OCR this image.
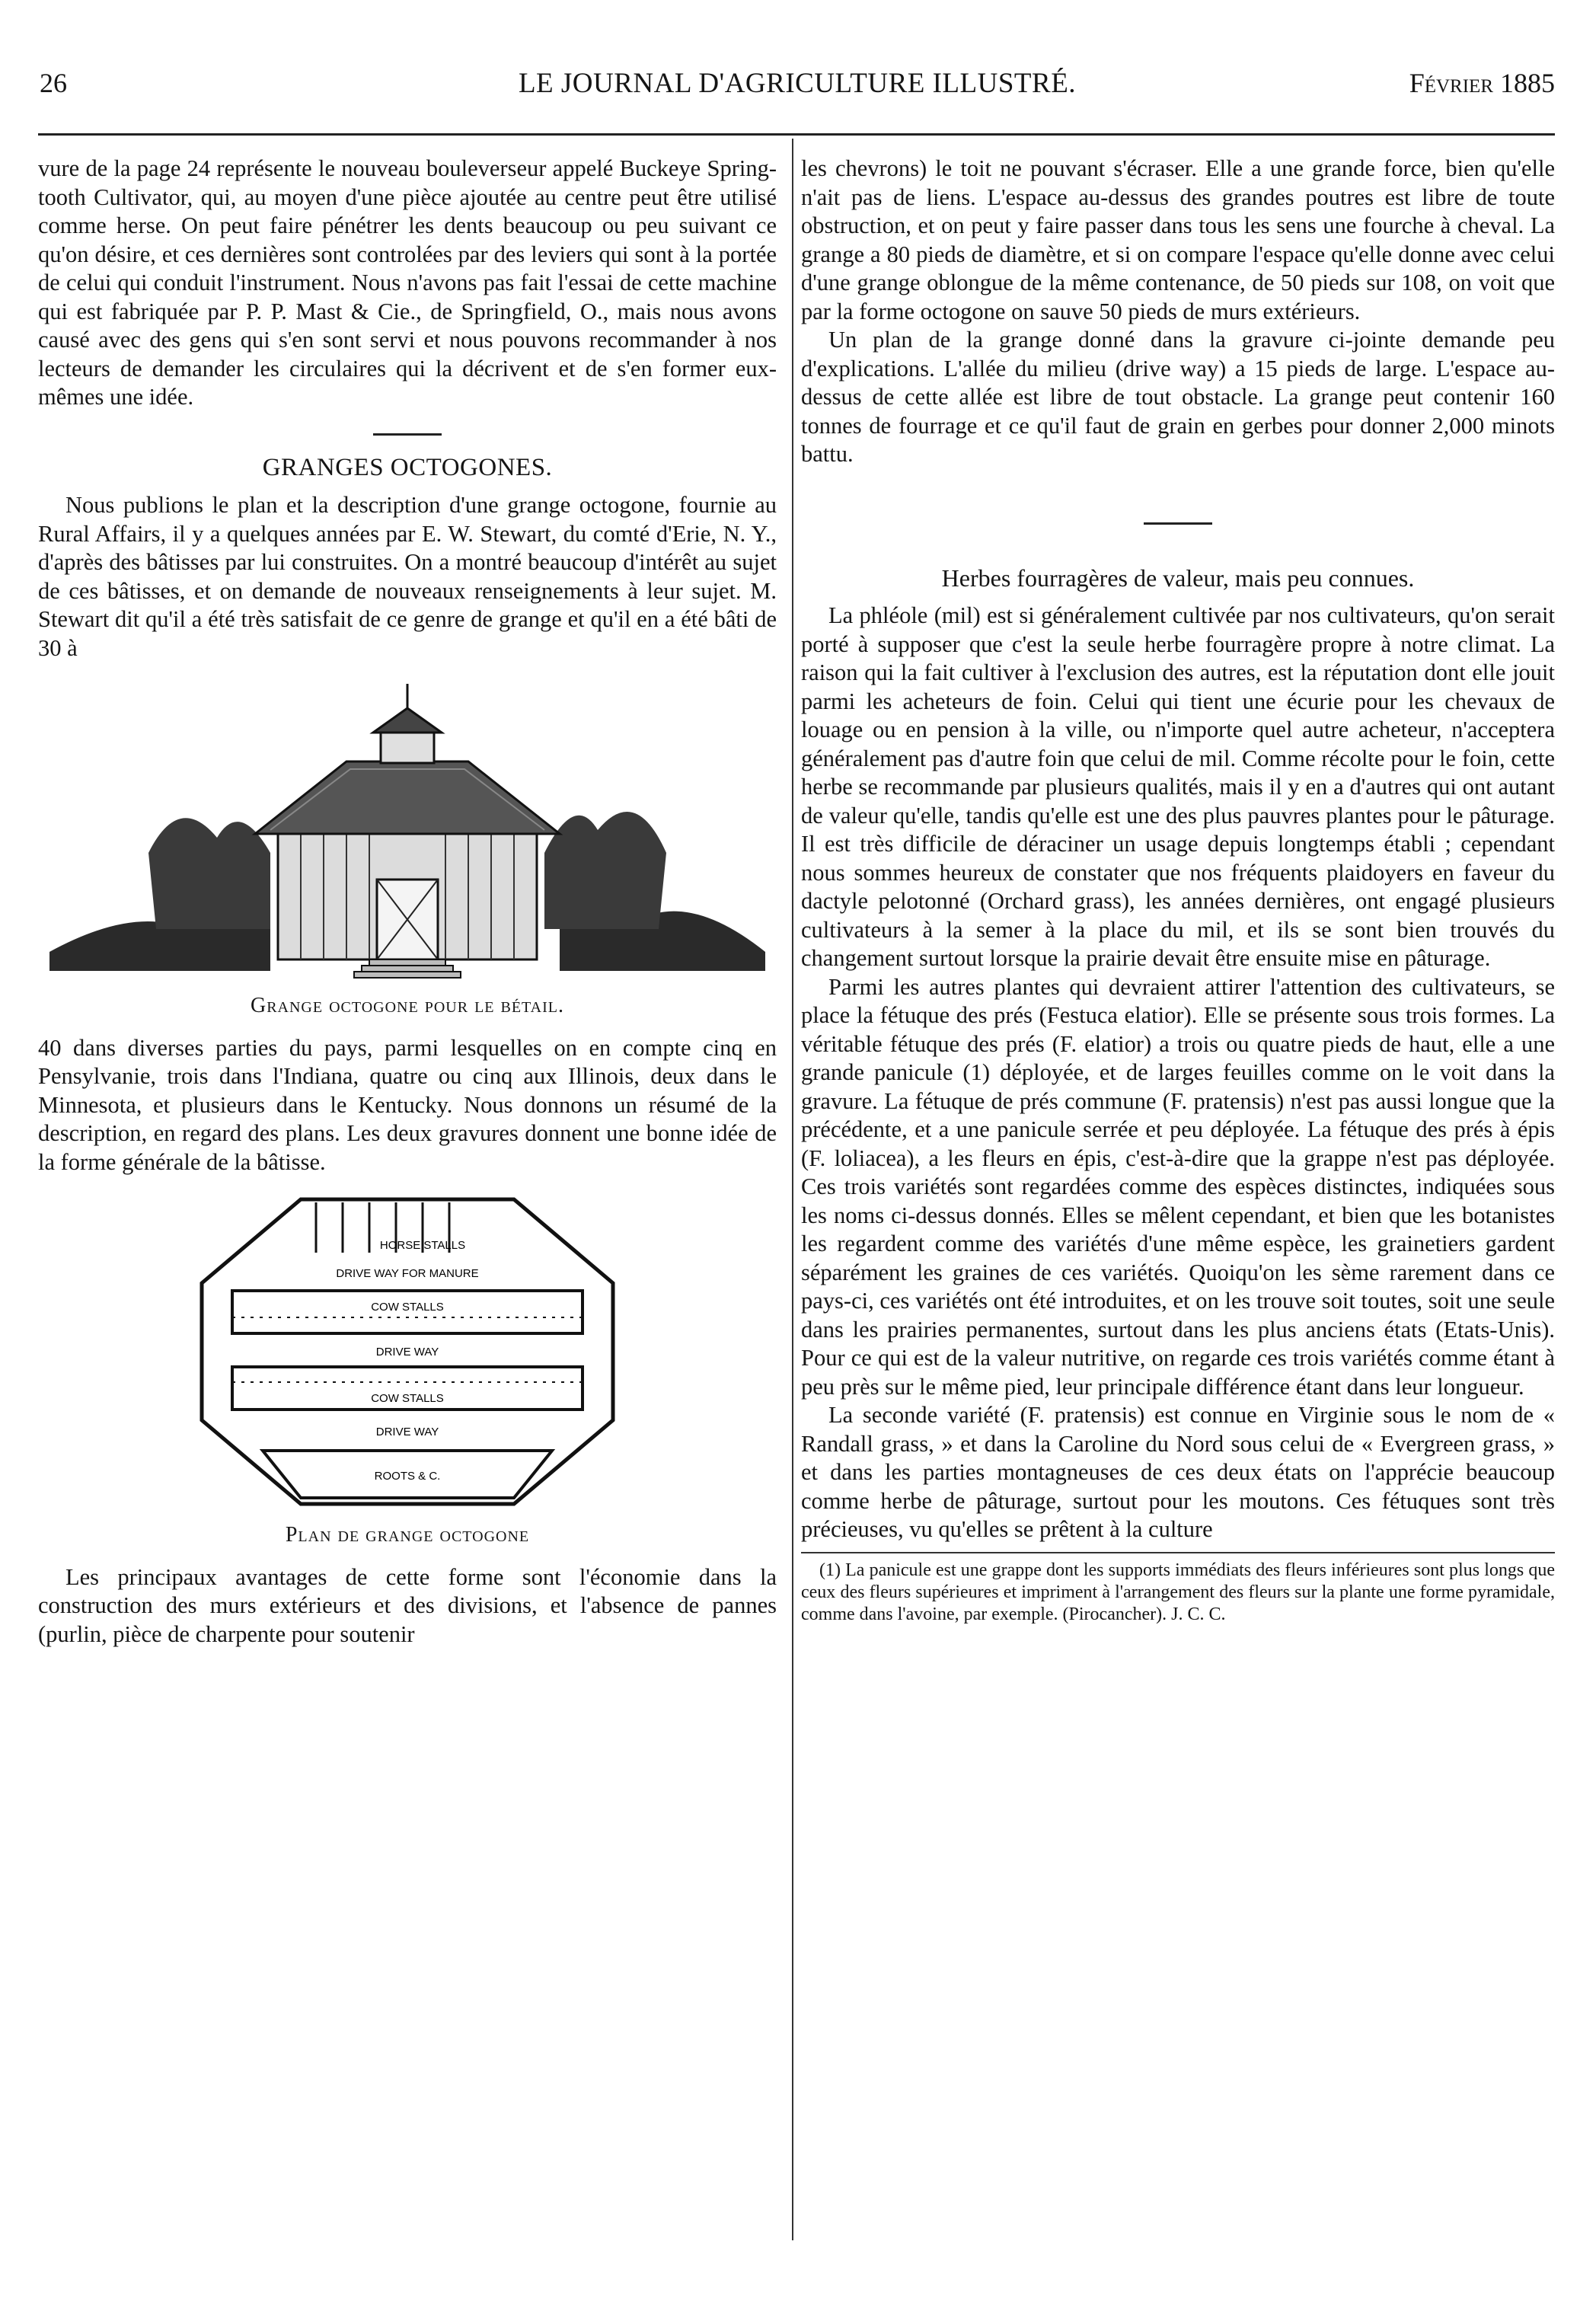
26	LE JOURNAL D'AGRICULTURE ILLUSTRÉ.	Février 1885

vure de la page 24 représente le nouveau bouleverseur appelé Buckeye Spring-tooth Cultivator, qui, au moyen d'une pièce ajoutée au centre peut être utilisé comme herse. On peut faire pénétrer les dents beaucoup ou peu suivant ce qu'on désire, et ces dernières sont controlées par des leviers qui sont à la portée de celui qui conduit l'instrument. Nous n'avons pas fait l'essai de cette machine qui est fabriquée par P. P. Mast & Cie., de Springfield, O., mais nous avons causé avec des gens qui s'en sont servi et nous pouvons recommander à nos lecteurs de demander les circulaires qui la décrivent et de s'en former eux-mêmes une idée.

GRANGES OCTOGONES.

Nous publions le plan et la description d'une grange octogone, fournie au Rural Affairs, il y a quelques années par E. W. Stewart, du comté d'Erie, N. Y., d'après des bâtisses par lui construites. On a montré beaucoup d'intérêt au sujet de ces bâtisses, et on demande de nouveaux renseignements à leur sujet. M. Stewart dit qu'il a été très satisfait de ce genre de grange et qu'il en a été bâti de 30 à

Grange octogone pour le bétail.

40 dans diverses parties du pays, parmi lesquelles on en compte cinq en Pensylvanie, trois dans l'Indiana, quatre ou cinq aux Illinois, deux dans le Minnesota, et plusieurs dans le Kentucky. Nous donnons un résumé de la description, en regard des plans. Les deux gravures donnent une bonne idée de la forme générale de la bâtisse.

HORSE STALLS
DRIVE WAY FOR MANURE
COW STALLS
DRIVE WAY
COW STALLS
DRIVE WAY
ROOTS & C.
Plan de grange octogone

Les principaux avantages de cette forme sont l'économie dans la construction des murs extérieurs et des divisions, et l'absence de pannes (purlin, pièce de charpente pour soutenir

les chevrons) le toit ne pouvant s'écraser. Elle a une grande force, bien qu'elle n'ait pas de liens. L'espace au-dessus des grandes poutres est libre de toute obstruction, et on peut y faire passer dans tous les sens une fourche à cheval. La grange a 80 pieds de diamètre, et si on compare l'espace qu'elle donne avec celui d'une grange oblongue de la même contenance, de 50 pieds sur 108, on voit que par la forme octogone on sauve 50 pieds de murs extérieurs.

Un plan de la grange donné dans la gravure ci-jointe demande peu d'explications. L'allée du milieu (drive way) a 15 pieds de large. L'espace au-dessus de cette allée est libre de tout obstacle. La grange peut contenir 160 tonnes de fourrage et ce qu'il faut de grain en gerbes pour donner 2,000 minots battu.

Herbes fourragères de valeur, mais peu connues.

La phléole (mil) est si généralement cultivée par nos cultivateurs, qu'on serait porté à supposer que c'est la seule herbe fourragère propre à notre climat. La raison qui la fait cultiver à l'exclusion des autres, est la réputation dont elle jouit parmi les acheteurs de foin. Celui qui tient une écurie pour les chevaux de louage ou en pension à la ville, ou n'importe quel autre acheteur, n'acceptera généralement pas d'autre foin que celui de mil. Comme récolte pour le foin, cette herbe se recommande par plusieurs qualités, mais il y en a d'autres qui ont autant de valeur qu'elle, tandis qu'elle est une des plus pauvres plantes pour le pâturage. Il est très difficile de déraciner un usage depuis longtemps établi ; cependant nous sommes heureux de constater que nos fréquents plaidoyers en faveur du dactyle pelotonné (Orchard grass), les années dernières, ont engagé plusieurs cultivateurs à la semer à la place du mil, et ils se sont bien trouvés du changement surtout lorsque la prairie devait être ensuite mise en pâturage.

Parmi les autres plantes qui devraient attirer l'attention des cultivateurs, se place la fétuque des prés (Festuca elatior). Elle se présente sous trois formes. La véritable fétuque des prés (F. elatior) a trois ou quatre pieds de haut, elle a une grande panicule (1) déployée, et de larges feuilles comme on le voit dans la gravure. La fétuque de prés commune (F. pratensis) n'est pas aussi longue que la précédente, et a une panicule serrée et peu déployée. La fétuque des prés à épis (F. loliacea), a les fleurs en épis, c'est-à-dire que la grappe n'est pas déployée. Ces trois variétés sont regardées comme des espèces distinctes, indiquées sous les noms ci-dessus donnés. Elles se mêlent cependant, et bien que les botanistes les regardent comme des variétés d'une même espèce, les grainetiers gardent séparément les graines de ces variétés. Quoiqu'on les sème rarement dans ce pays-ci, ces variétés ont été introduites, et on les trouve soit toutes, soit une seule dans les prairies permanentes, surtout dans les plus anciens états (Etats-Unis). Pour ce qui est de la valeur nutritive, on regarde ces trois variétés comme étant à peu près sur le même pied, leur principale différence étant dans leur longueur.

La seconde variété (F. pratensis) est connue en Virginie sous le nom de « Randall grass, » et dans la Caroline du Nord sous celui de « Evergreen grass, » et dans les parties montagneuses de ces deux états on l'apprécie beaucoup comme herbe de pâturage, surtout pour les moutons. Ces fétuques sont très précieuses, vu qu'elles se prêtent à la culture

(1) La panicule est une grappe dont les supports immédiats des fleurs inférieures sont plus longs que ceux des fleurs supérieures et impriment à l'arrangement des fleurs sur la plante une forme pyramidale, comme dans l'avoine, par exemple. (Pirocancher). J. C. C.
